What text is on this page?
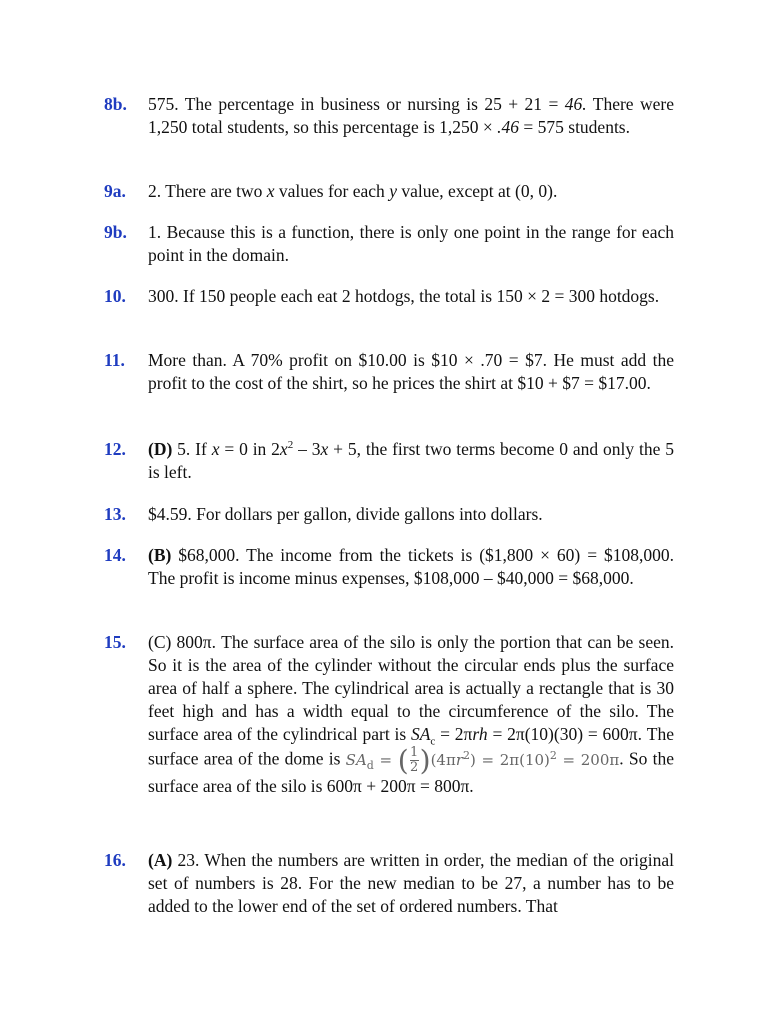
8b. 575. The percentage in business or nursing is 25 + 21 = 46. There were 1,250 total students, so this percentage is 1,250 × .46 = 575 students.
9a. 2. There are two x values for each y value, except at (0, 0).
9b. 1. Because this is a function, there is only one point in the range for each point in the domain.
10. 300. If 150 people each eat 2 hotdogs, the total is 150 × 2 = 300 hotdogs.
11. More than. A 70% profit on $10.00 is $10 × .70 = $7. He must add the profit to the cost of the shirt, so he prices the shirt at $10 + $7 = $17.00.
12. (D) 5. If x = 0 in $2x^2 - 3x + 5$, the first two terms become 0 and only the 5 is left.
13. $4.59. For dollars per gallon, divide gallons into dollars.
14. (B) $68,000. The income from the tickets is ($1,800 × 60) = $108,000. The profit is income minus expenses, $108,000 – $40,000 = $68,000.
15. (C) 800π. The surface area of the silo is only the portion that can be seen. So it is the area of the cylinder without the circular ends plus the surface area of half a sphere. The cylindrical area is actually a rectangle that is 30 feet high and has a width equal to the circumference of the silo. The surface area of the cylindrical part is $SA_c = 2\pi rh = 2\pi(10)(30) = 600\pi$. The surface area of the dome is $SA_d$ = ( $\frac{1}{2} )(4\pi r^2) = 2\pi(10)^2 = 200\pi$. So the surface area of the silo is 600π + 200π = 800π.
16. (A) 23. When the numbers are written in order, the median of the original set of numbers is 28. For the new median to be 27, a number has to be added to the lower end of the set of ordered numbers. That
